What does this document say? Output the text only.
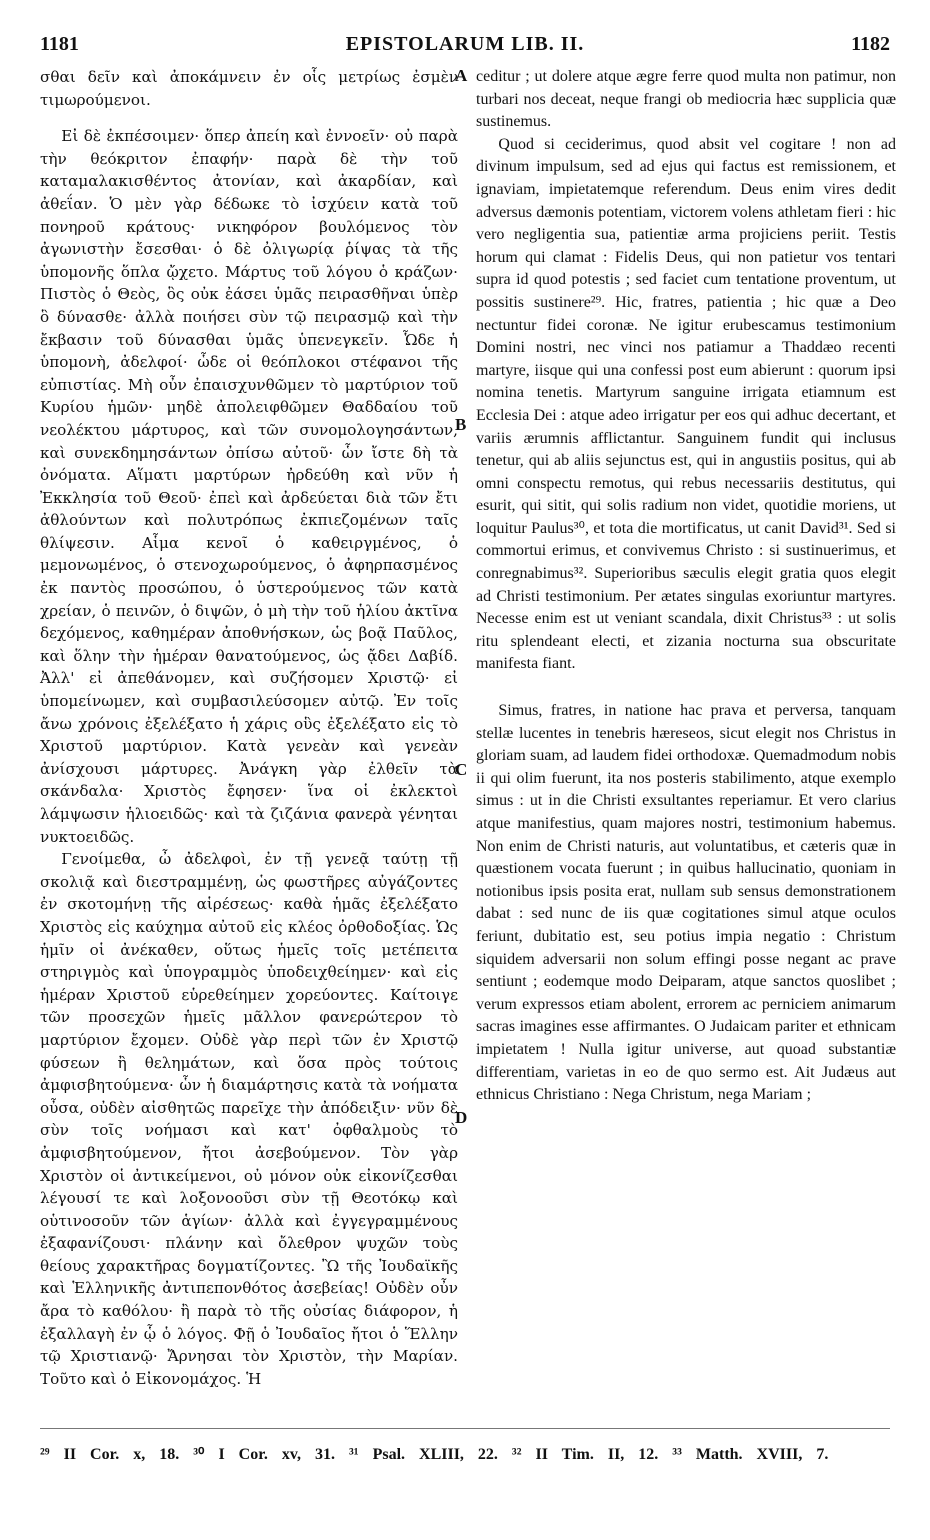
1181	EPISTOLARUM LIB. II.	1182

σθαι δεῖν καὶ ἀποκάμνειν ἐν οἷς μετρίως ἐσμὲν τιμωρούμενοι.

Εἰ δὲ ἐκπέσοιμεν· ὅπερ ἀπείη καὶ ἐννοεῖν· οὐ παρὰ τὴν θεόκριτον ἐπαφήν· παρὰ δὲ τὴν τοῦ καταμαλακισθέντος ἀτονίαν, καὶ ἀκαρδίαν, καὶ ἀθεΐαν. Ὁ μὲν γὰρ δέδωκε τὸ ἰσχύειν κατὰ τοῦ πονηροῦ κράτους· νικηφόρον βουλόμενος τὸν ἀγωνιστὴν ἔσεσθαι· ὁ δὲ ὀλιγωρίᾳ ῥίψας τὰ τῆς ὑπομονῆς ὅπλα ᾤχετο. Μάρτυς τοῦ λόγου ὁ κράζων· Πιστὸς ὁ Θεὸς, ὃς οὐκ ἐάσει ὑμᾶς πειρασθῆναι ὑπὲρ ὃ δύνασθε· ἀλλὰ ποιήσει σὺν τῷ πειρασμῷ καὶ τὴν ἔκβασιν τοῦ δύνασθαι ὑμᾶς ὑπενεγκεῖν. Ὧδε ἡ ὑπομονὴ, ἀδελφοί· ὧδε οἱ θεόπλοκοι στέφανοι τῆς εὐπιστίας. Μὴ οὖν ἐπαισχυνθῶμεν τὸ μαρτύριον τοῦ Κυρίου ἡμῶν· μηδὲ ἀπολειφθῶμεν Θαδδαίου τοῦ νεολέκτου μάρτυρος, καὶ τῶν συνομολογησάντων, καὶ συνεκδημησάντων ὀπίσω αὐτοῦ· ὧν ἴστε δὴ τὰ ὀνόματα. Αἵματι μαρτύρων ἠρδεύθη καὶ νῦν ἡ Ἐκκλησία τοῦ Θεοῦ· ἐπεὶ καὶ ἀρδεύεται διὰ τῶν ἔτι ἀθλούντων καὶ πολυτρόπως ἐκπιεζομένων ταῖς θλίψεσιν. Αἷμα κενοῖ ὁ καθειργμένος, ὁ μεμονωμένος, ὁ στενοχωρούμενος, ὁ ἀφηρπασμένος ἐκ παντὸς προσώπου, ὁ ὑστερούμενος τῶν κατὰ χρείαν, ὁ πεινῶν, ὁ διψῶν, ὁ μὴ τὴν τοῦ ἡλίου ἀκτῖνα δεχόμενος, καθημέραν ἀποθνήσκων, ὡς βοᾷ Παῦλος, καὶ ὅλην τὴν ἡμέραν θανατούμενος, ὡς ᾄδει Δαβίδ. Ἀλλ' εἰ ἀπεθάνομεν, καὶ συζήσομεν Χριστῷ· εἰ ὑπομείνωμεν, καὶ συμβασιλεύσομεν αὐτῷ. Ἐν τοῖς ἄνω χρόνοις ἐξελέξατο ἡ χάρις οὓς ἐξελέξατο εἰς τὸ Χριστοῦ μαρτύριον. Κατὰ γενεὰν καὶ γενεὰν ἀνίσχουσι μάρτυρες. Ἀνάγκη γὰρ ἐλθεῖν τὰ σκάνδαλα· Χριστὸς ἔφησεν· ἵνα οἱ ἐκλεκτοὶ λάμψωσιν ἡλιοειδῶς· καὶ τὰ ζιζάνια φανερὰ γένηται νυκτοειδῶς.

Γενοίμεθα, ὦ ἀδελφοὶ, ἐν τῇ γενεᾷ ταύτῃ τῇ σκολιᾷ καὶ διεστραμμένῃ, ὡς φωστῆρες αὐγάζοντες ἐν σκοτομήνῃ τῆς αἱρέσεως· καθὰ ἡμᾶς ἐξελέξατο Χριστὸς εἰς καύχημα αὐτοῦ εἰς κλέος ὀρθοδοξίας. Ὡς ἡμῖν οἱ ἀνέκαθεν, οὕτως ἡμεῖς τοῖς μετέπειτα στηριγμὸς καὶ ὑπογραμμὸς ὑποδειχθείημεν· καὶ εἰς ἡμέραν Χριστοῦ εὑρεθείημεν χορεύοντες. Καίτοιγε τῶν προσεχῶν ἡμεῖς μᾶλλον φανερώτερον τὸ μαρτύριον ἔχομεν. Οὐδὲ γὰρ περὶ τῶν ἐν Χριστῷ φύσεων ἢ θελημάτων, καὶ ὅσα πρὸς τούτοις ἀμφισβητούμενα· ὧν ἡ διαμάρτησις κατὰ τὰ νοήματα οὖσα, οὐδὲν αἰσθητῶς παρεῖχε τὴν ἀπόδειξιν· νῦν δὲ σὺν τοῖς νοήμασι καὶ κατ' ὀφθαλμοὺς τὸ ἀμφισβητούμενον, ἤτοι ἀσεβούμενον. Τὸν γὰρ Χριστὸν οἱ ἀντικείμενοι, οὐ μόνον οὐκ εἰκονίζεσθαι λέγουσί τε καὶ λοξονοοῦσι σὺν τῇ Θεοτόκῳ καὶ οὑτινοσοῦν τῶν ἁγίων· ἀλλὰ καὶ ἐγγεγραμμένους ἐξαφανίζουσι· πλάνην καὶ ὄλεθρον ψυχῶν τοὺς θείους χαρακτῆρας δογματίζοντες. Ὢ τῆς Ἰουδαϊκῆς καὶ Ἑλληνικῆς ἀντιπεπονθότος ἀσεβείας! Οὐδὲν οὖν ἄρα τὸ καθόλου· ἢ παρὰ τὸ τῆς οὐσίας διάφορον, ἡ ἐξαλλαγὴ ἐν ᾧ ὁ λόγος. Φῇ ὁ Ἰουδαῖος ἤτοι ὁ Ἕλλην τῷ Χριστιανῷ· Ἄρνησαι τὸν Χριστὸν, τὴν Μαρίαν. Τοῦτο καὶ ὁ Εἰκονομάχος. Ἡ

A
B
C
D

ceditur ; ut dolere atque ægre ferre quod multa non patimur, non turbari nos deceat, neque frangi ob mediocria hæc supplicia quæ sustinemus.

Quod si ceciderimus, quod absit vel cogitare ! non ad divinum impulsum, sed ad ejus qui factus est remissionem, et ignaviam, impietatemque referendum. Deus enim vires dedit adversus dæmonis potentiam, victorem volens athletam fieri : hic vero negligentia sua, patientiæ arma projiciens periit. Testis horum qui clamat : Fidelis Deus, qui non patietur vos tentari supra id quod potestis ; sed faciet cum tentatione proventum, ut possitis sustinere²⁹. Hic, fratres, patientia ; hic quæ a Deo nectuntur fidei coronæ. Ne igitur erubescamus testimonium Domini nostri, nec vinci nos patiamur a Thaddæo recenti martyre, iisque qui una confessi post eum abierunt : quorum ipsi nomina tenetis. Martyrum sanguine irrigata etiamnum est Ecclesia Dei : atque adeo irrigatur per eos qui adhuc decertant, et variis ærumnis afflictantur. Sanguinem fundit qui inclusus tenetur, qui ab aliis sejunctus est, qui in angustiis positus, qui ab omni conspectu remotus, qui rebus necessariis destitutus, qui esurit, qui sitit, qui solis radium non videt, quotidie moriens, ut loquitur Paulus³⁰, et tota die mortificatus, ut canit David³¹. Sed si commortui erimus, et convivemus Christo : si sustinuerimus, et conregnabimus³². Superioribus sæculis elegit gratia quos elegit ad Christi testimonium. Per ætates singulas exoriuntur martyres. Necesse enim est ut veniant scandala, dixit Christus³³ : ut solis ritu splendeant electi, et zizania nocturna sua obscuritate manifesta fiant.

Simus, fratres, in natione hac prava et perversa, tanquam stellæ lucentes in tenebris hæreseos, sicut elegit nos Christus in gloriam suam, ad laudem fidei orthodoxæ. Quemadmodum nobis ii qui olim fuerunt, ita nos posteris stabilimento, atque exemplo simus : ut in die Christi exsultantes reperiamur. Et vero clarius atque manifestius, quam majores nostri, testimonium habemus. Non enim de Christi naturis, aut voluntatibus, et cæteris quæ in quæstionem vocata fuerunt ; in quibus hallucinatio, quoniam in notionibus ipsis posita erat, nullam sub sensus demonstrationem dabat : sed nunc de iis quæ cogitationes simul atque oculos feriunt, dubitatio est, seu potius impia negatio : Christum siquidem adversarii non solum effingi posse negant ac prave sentiunt ; eodemque modo Deiparam, atque sanctos quoslibet ; verum expressos etiam abolent, errorem ac perniciem animarum sacras imagines esse affirmantes. O Judaicam pariter et ethnicam impietatem ! Nulla igitur universe, aut quoad substantiæ differentiam, varietas in eo de quo sermo est. Ait Judæus aut ethnicus Christiano : Nega Christum, nega Mariam ;

²⁹ II Cor. x, 18. ³⁰ I Cor. xv, 31. ³¹ Psal. XLIII, 22. ³² II Tim. II, 12. ³³ Matth. XVIII, 7.
